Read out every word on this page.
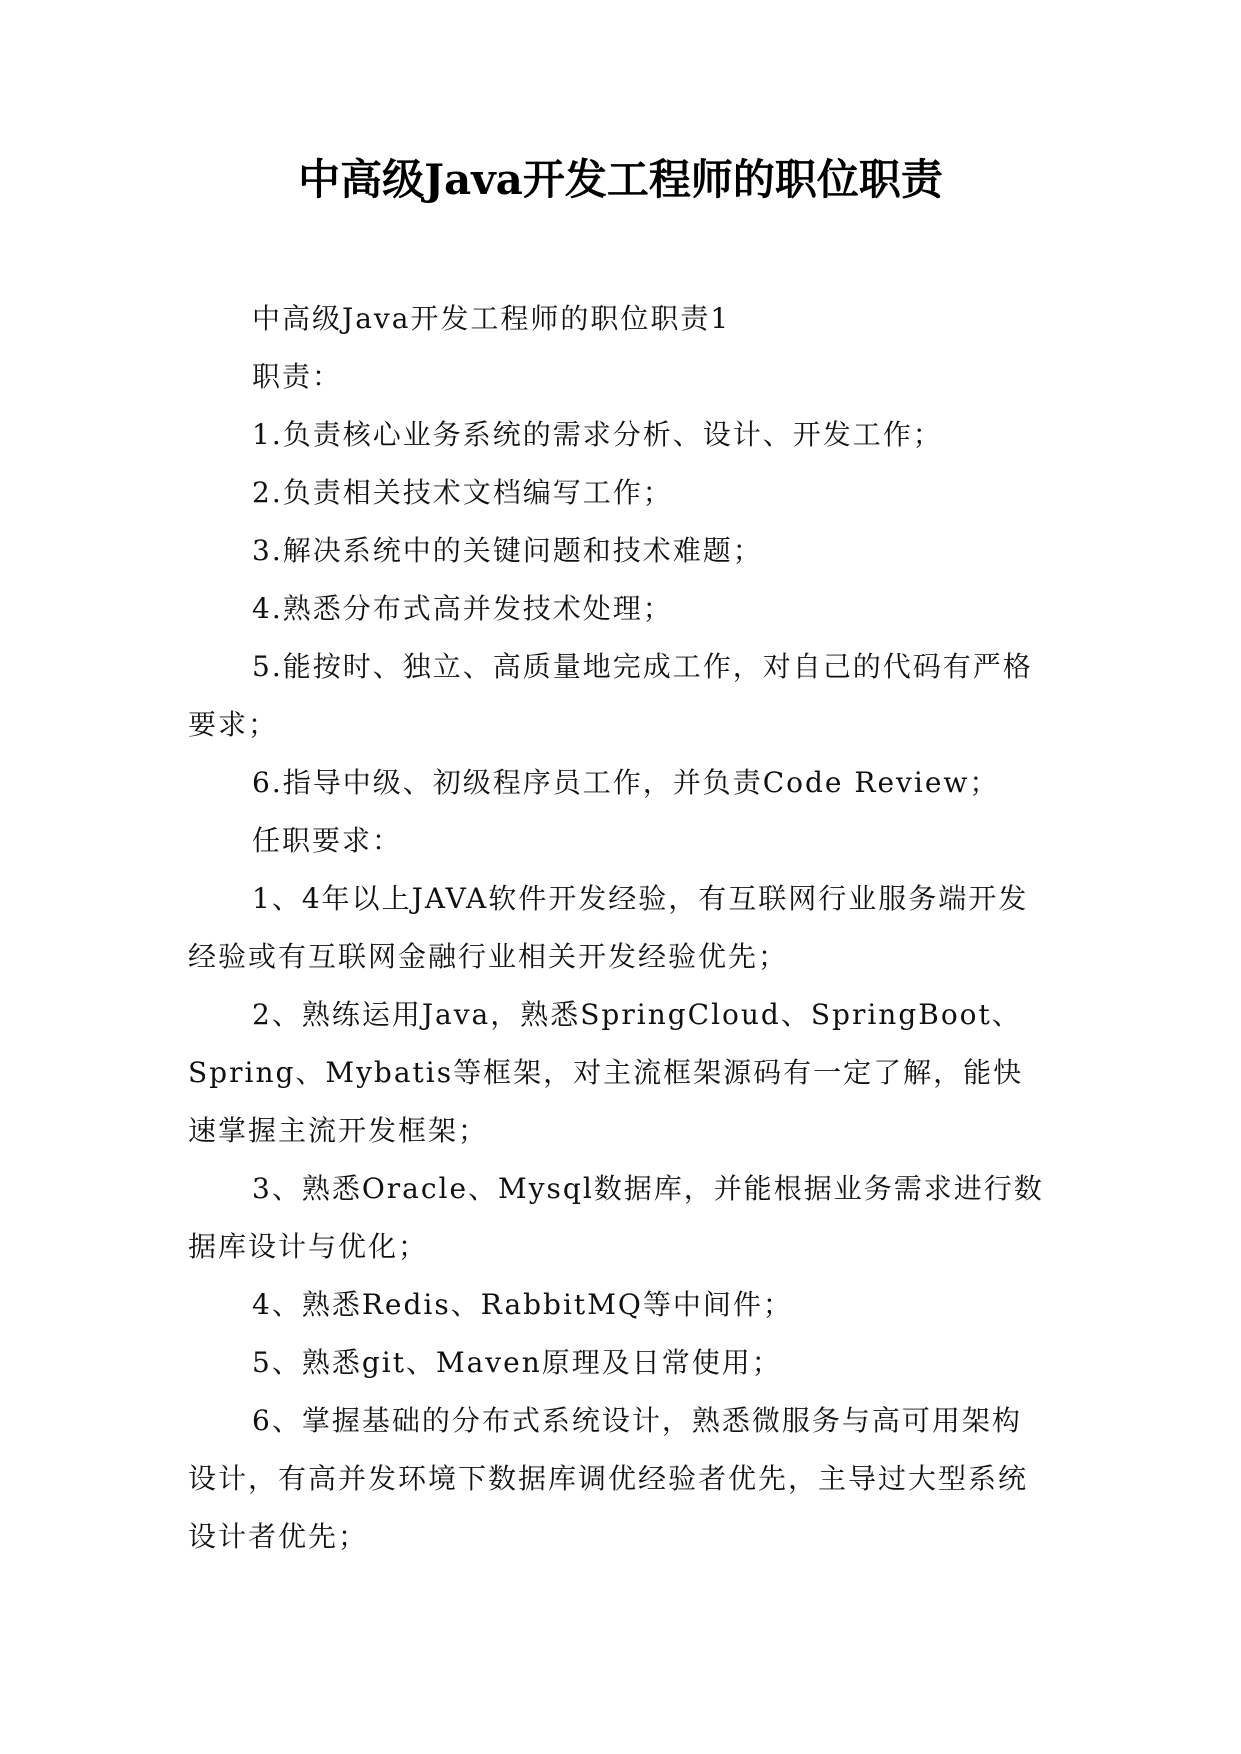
中高级Java开发工程师的职位职责

中高级Java开发工程师的职位职责1

职责：

1.负责核心业务系统的需求分析、设计、开发工作；

2.负责相关技术文档编写工作；

3.解决系统中的关键问题和技术难题；

4.熟悉分布式高并发技术处理；

5.能按时、独立、高质量地完成工作，对自己的代码有严格要求；

6.指导中级、初级程序员工作，并负责Code Review；

任职要求：

1、4年以上JAVA软件开发经验，有互联网行业服务端开发经验或有互联网金融行业相关开发经验优先；

2、熟练运用Java，熟悉SpringCloud、SpringBoot、Spring、Mybatis等框架，对主流框架源码有一定了解，能快速掌握主流开发框架；

3、熟悉Oracle、Mysql数据库，并能根据业务需求进行数据库设计与优化；

4、熟悉Redis、RabbitMQ等中间件；

5、熟悉git、Maven原理及日常使用；

6、掌握基础的分布式系统设计，熟悉微服务与高可用架构设计，有高并发环境下数据库调优经验者优先，主导过大型系统设计者优先；
